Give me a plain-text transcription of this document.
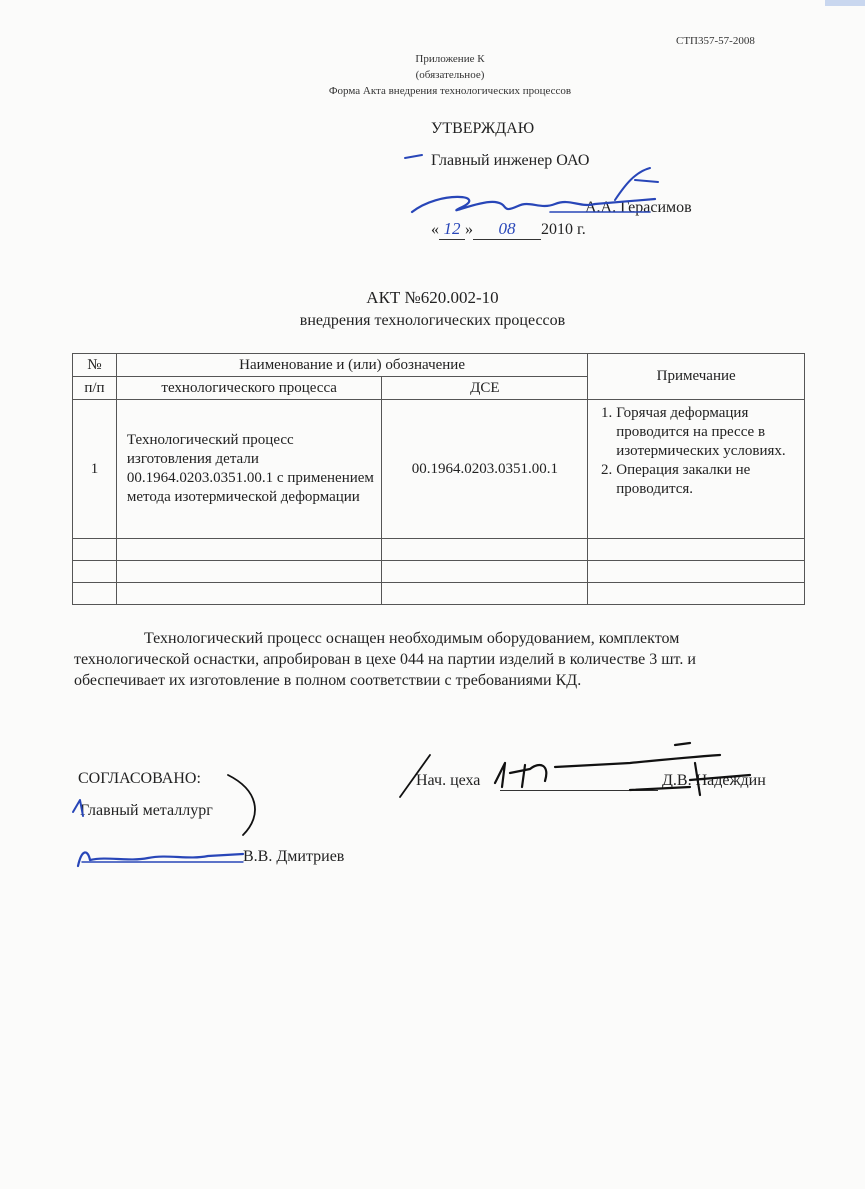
СТП357-57-2008
Приложение К
(обязательное)
Форма Акта внедрения технологических процессов
УТВЕРЖДАЮ
Главный инженер ОАО
А.А. Герасимов
« 12 »	08	2010 г.
АКТ №620.002-10
внедрения технологических процессов
№	Наименование и (или) обозначение		Примечание
п/п	технологического процесса	ДСЕ	
1	Технологический процесс изготовления детали 00.1964.0203.0351.00.1 с применением метода изотермической деформации	00.1964.0203.0351.00.1	1. Горячая деформация проводится на прессе в изотермических условиях.
2. Операция закалки не проводится.

Технологический процесс оснащен необходимым оборудованием, комплектом технологической оснастки, апробирован в цехе 044 на партии изделий в количестве 3 шт. и обеспечивает их изготовление в полном соответствии с требованиями КД.
СОГЛАСОВАНО:
Главный металлург
В.В. Дмитриев
Нач. цеха	Д.В. Надеждин
